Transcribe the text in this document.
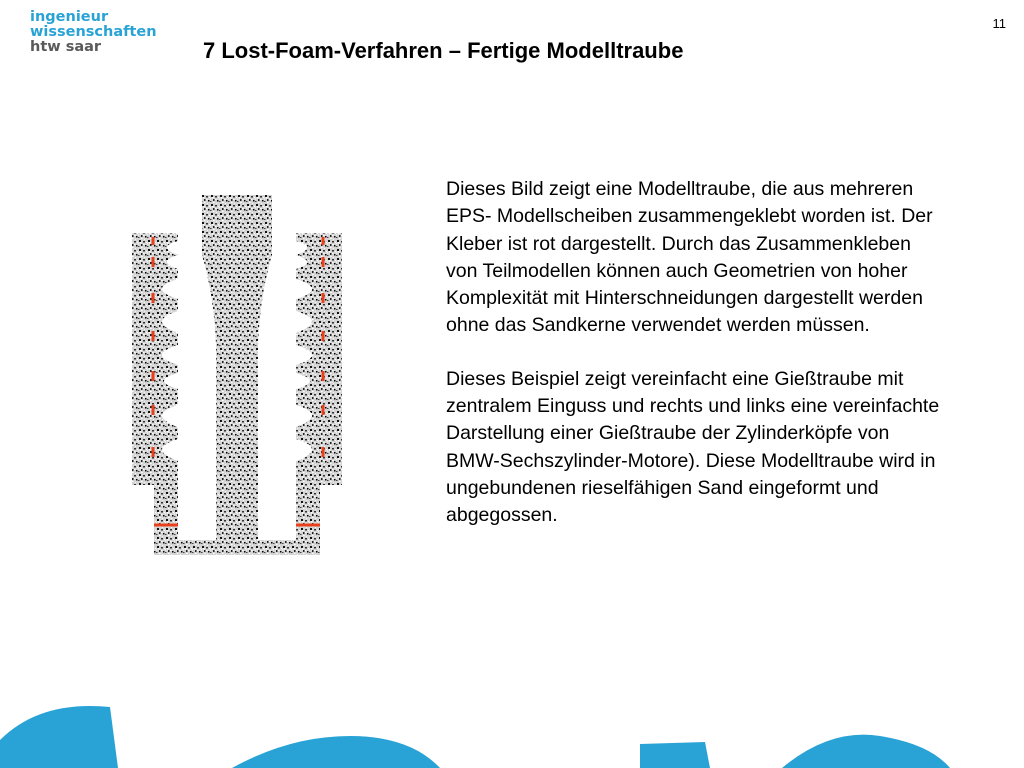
ingenieur
wissenschaften
htw saar
11
7 Lost-Foam-Verfahren – Fertige Modelltraube

Dieses Bild zeigt eine Modelltraube, die aus mehreren EPS- Modellscheiben zusammengeklebt worden ist. Der Kleber ist rot dargestellt. Durch das Zusammenkleben von Teilmodellen können auch Geometrien von hoher Komplexität mit Hinterschneidungen dargestellt werden ohne das Sandkerne verwendet werden müssen.

Dieses Beispiel zeigt vereinfacht eine Gießtraube mit zentralem Einguss und rechts und links eine vereinfachte Darstellung einer Gießtraube der Zylinderköpfe von BMW-Sechszylinder-Motore). Diese Modelltraube wird in ungebundenen rieselfähigen Sand eingeformt und abgegossen.
